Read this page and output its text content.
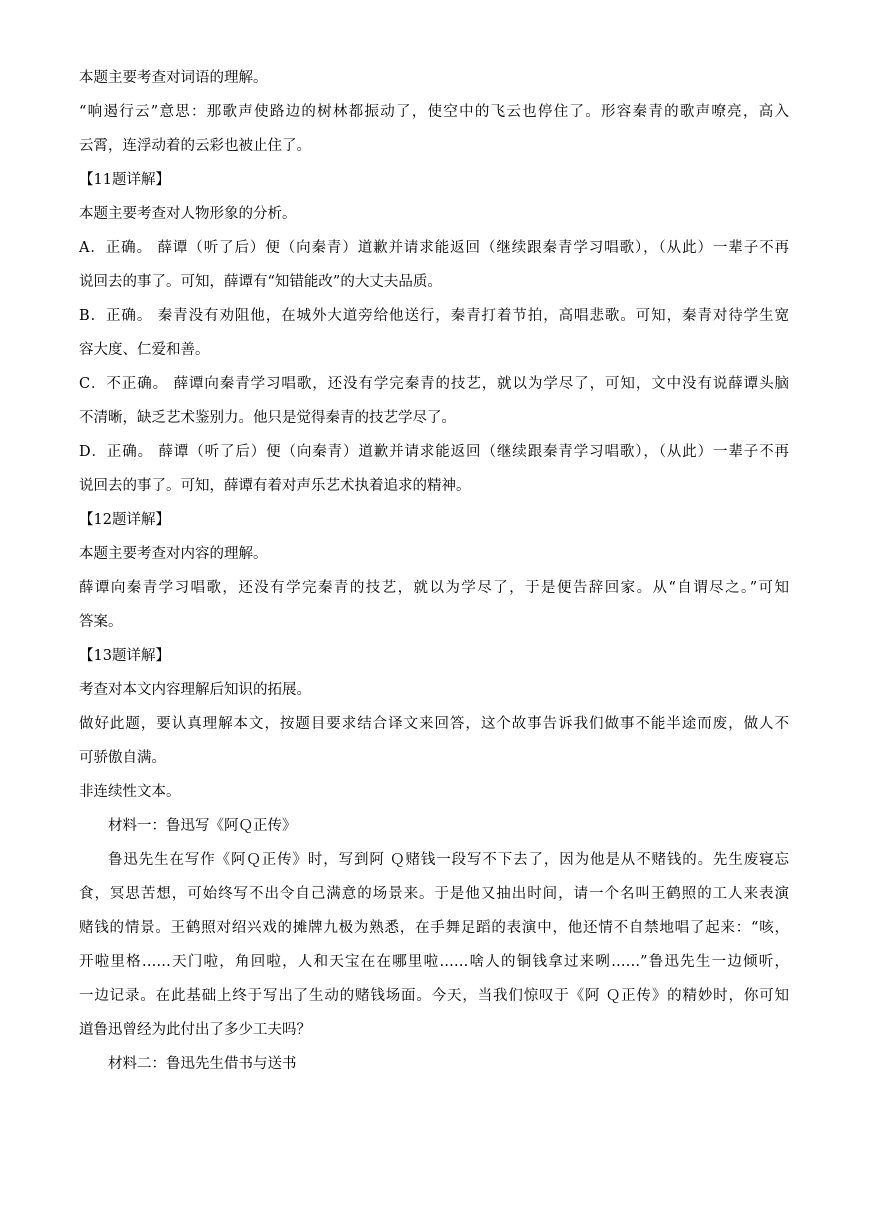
本题主要考查对词语的理解。
“响遏行云”意思：那歌声使路边的树林都振动了，使空中的飞云也停住了。形容秦青的歌声嘹亮，高入
云霄，连浮动着的云彩也被止住了。
【11题详解】
本题主要考查对人物形象的分析。
A．正确。 薛谭（听了后）便（向秦青）道歉并请求能返回（继续跟秦青学习唱歌），（从此）一辈子不再
说回去的事了。可知，薛谭有“知错能改”的大丈夫品质。
B．正确。 秦青没有劝阻他，在城外大道旁给他送行，秦青打着节拍，高唱悲歌。可知，秦青对待学生宽
容大度、仁爱和善。
C．不正确。 薛谭向秦青学习唱歌，还没有学完秦青的技艺，就以为学尽了，可知，文中没有说薛谭头脑
不清晰，缺乏艺术鉴别力。他只是觉得秦青的技艺学尽了。
D．正确。 薛谭（听了后）便（向秦青）道歉并请求能返回（继续跟秦青学习唱歌），（从此）一辈子不再
说回去的事了。可知，薛谭有着对声乐艺术执着追求的精神。
【12题详解】
本题主要考查对内容的理解。
薛谭向秦青学习唱歌，还没有学完秦青的技艺，就以为学尽了，于是便告辞回家。从“自谓尽之。”可知
答案。
【13题详解】
考查对本文内容理解后知识的拓展。
做好此题，要认真理解本文，按题目要求结合译文来回答，这个故事告诉我们做事不能半途而废，做人不
可骄傲自满。
非连续性文本。
材料一：鲁迅写《阿Ｑ正传》
鲁迅先生在写作《阿Ｑ正传》时，写到阿 Ｑ赌钱一段写不下去了，因为他是从不赌钱的。先生废寝忘
食，冥思苦想，可始终写不出令自己满意的场景来。于是他又抽出时间，请一个名叫王鹤照的工人来表演
赌钱的情景。王鹤照对绍兴戏的摊牌九极为熟悉，在手舞足蹈的表演中，他还情不自禁地唱了起来：“咳，
开啦里格……天门啦，角回啦，人和天宝在在哪里啦……啥人的铜钱拿过来咧……”鲁迅先生一边倾听，
一边记录。在此基础上终于写出了生动的赌钱场面。今天，当我们惊叹于《阿 Ｑ正传》的精妙时，你可知
道鲁迅曾经为此付出了多少工夫吗？
材料二：鲁迅先生借书与送书
